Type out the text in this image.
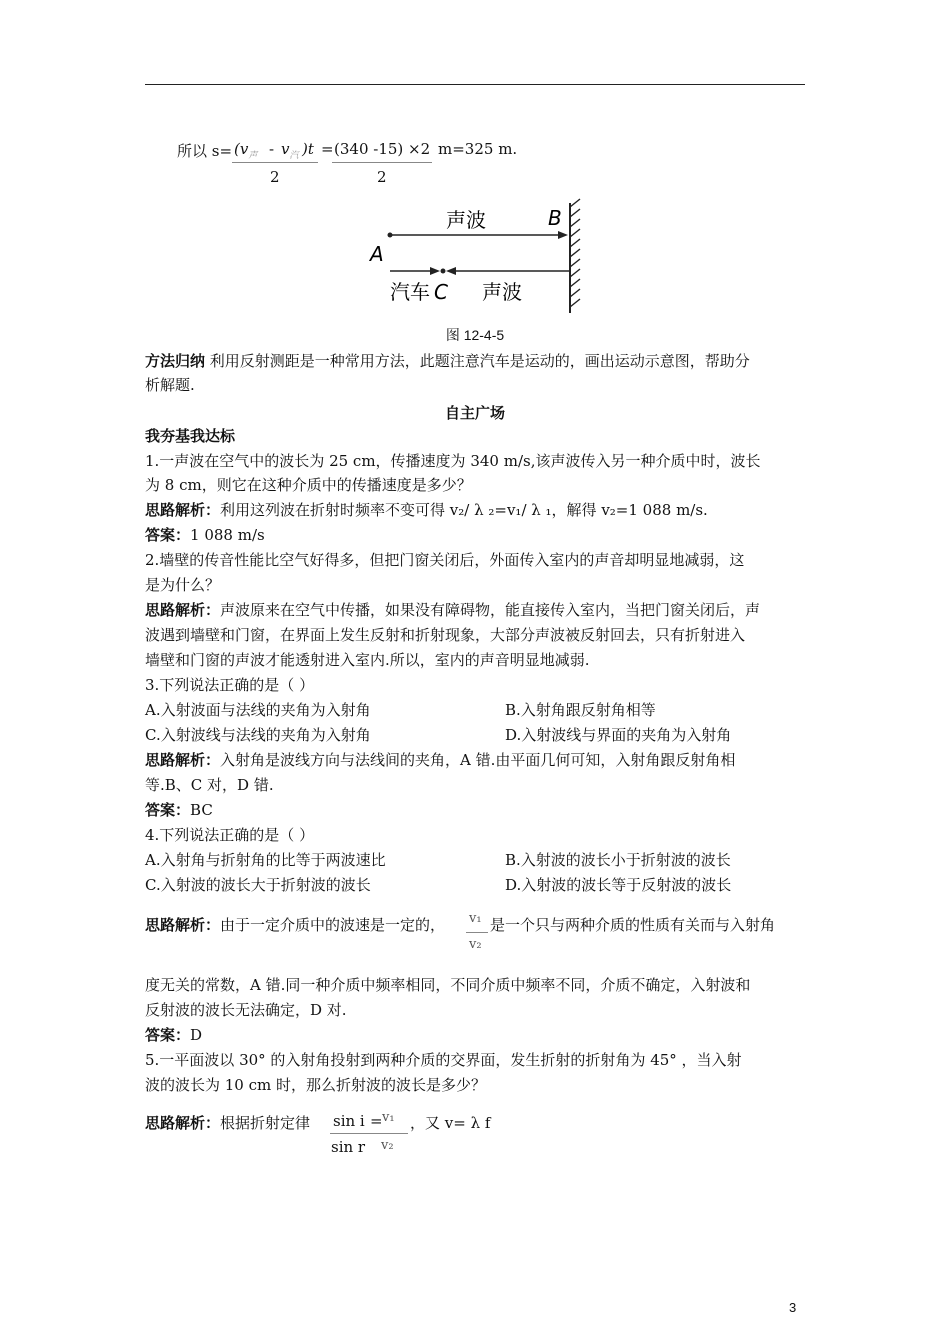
所以 $s= (v_声 - v_汽$ )t
2
= (340 -15) ×2
2
m=325 m.
声波	B
A
汽车 C 声波
图 12-4-5
方法归纳 利用反射测距是一种常用方法，此题注意汽车是运动的，画出运动示意图，帮助分
析解题.
自主广场
我夯基我达标
1.一声波在空气中的波长为 25 cm，传播速度为 340 m/s,该声波传入另一种介质中时，波长
为 8 cm，则它在这种介质中的传播速度是多少？
思路解析：利用这列波在折射时频率不变可得 v₂/ λ ₂=v₁/ λ ₁，解得 v₂=1 088 m/s.
答案：1 088 m/s
2.墙壁的传音性能比空气好得多，但把门窗关闭后，外面传入室内的声音却明显地减弱，这
是为什么？
思路解析：声波原来在空气中传播，如果没有障碍物，能直接传入室内，当把门窗关闭后，声
波遇到墙壁和门窗，在界面上发生反射和折射现象，大部分声波被反射回去，只有折射进入
墙壁和门窗的声波才能透射进入室内.所以，室内的声音明显地减弱.
3.下列说法正确的是（ ）
A.入射波面与法线的夹角为入射角	B.入射角跟反射角相等
C.入射波线与法线的夹角为入射角	D.入射波线与界面的夹角为入射角
思路解析：入射角是波线方向与法线间的夹角，A 错.由平面几何可知，入射角跟反射角相
等.B、C 对，D 错.
答案：BC
4.下列说法正确的是（ ）
A.入射角与折射角的比等于两波速比	B.入射波的波长小于折射波的波长
C.入射波的波长大于折射波的波长	D.入射波的波长等于反射波的波长
思路解析：由于一定介质中的波速是一定的， v₁
v₂
是一个只与两种介质的性质有关而与入射角
度无关的常数，A 错.同一种介质中频率相同，不同介质中频率不同，介质不确定，入射波和
反射波的波长无法确定，D 对.
答案：D
5.一平面波以 30° 的入射角投射到两种介质的交界面，发生折射的折射角为 45° ，当入射
波的波长为 10 cm 时，那么折射波的波长是多少？
思路解析：根据折射定律 sin i = v₁
sin r v₂
，又 v= λ f
3
